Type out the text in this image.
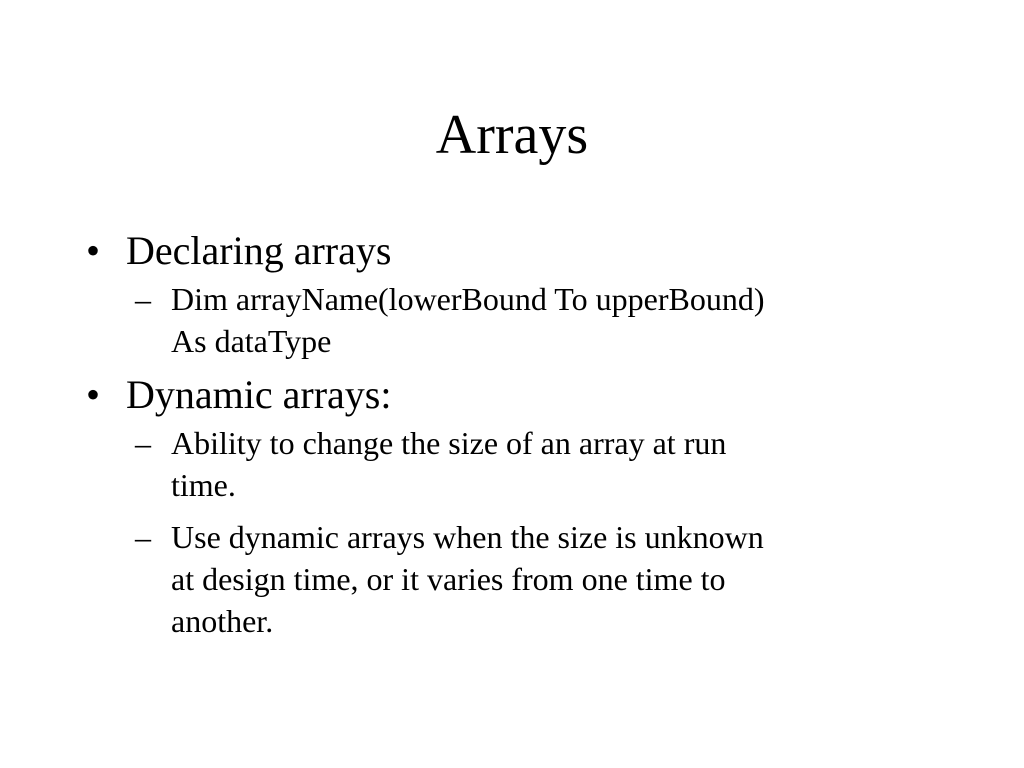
Arrays
• Declaring arrays
– Dim arrayName(lowerBound To upperBound)
As dataType
• Dynamic arrays:
– Ability to change the size of an array at run
time.
– Use dynamic arrays when the size is unknown
at design time, or it varies from one time to
another.
